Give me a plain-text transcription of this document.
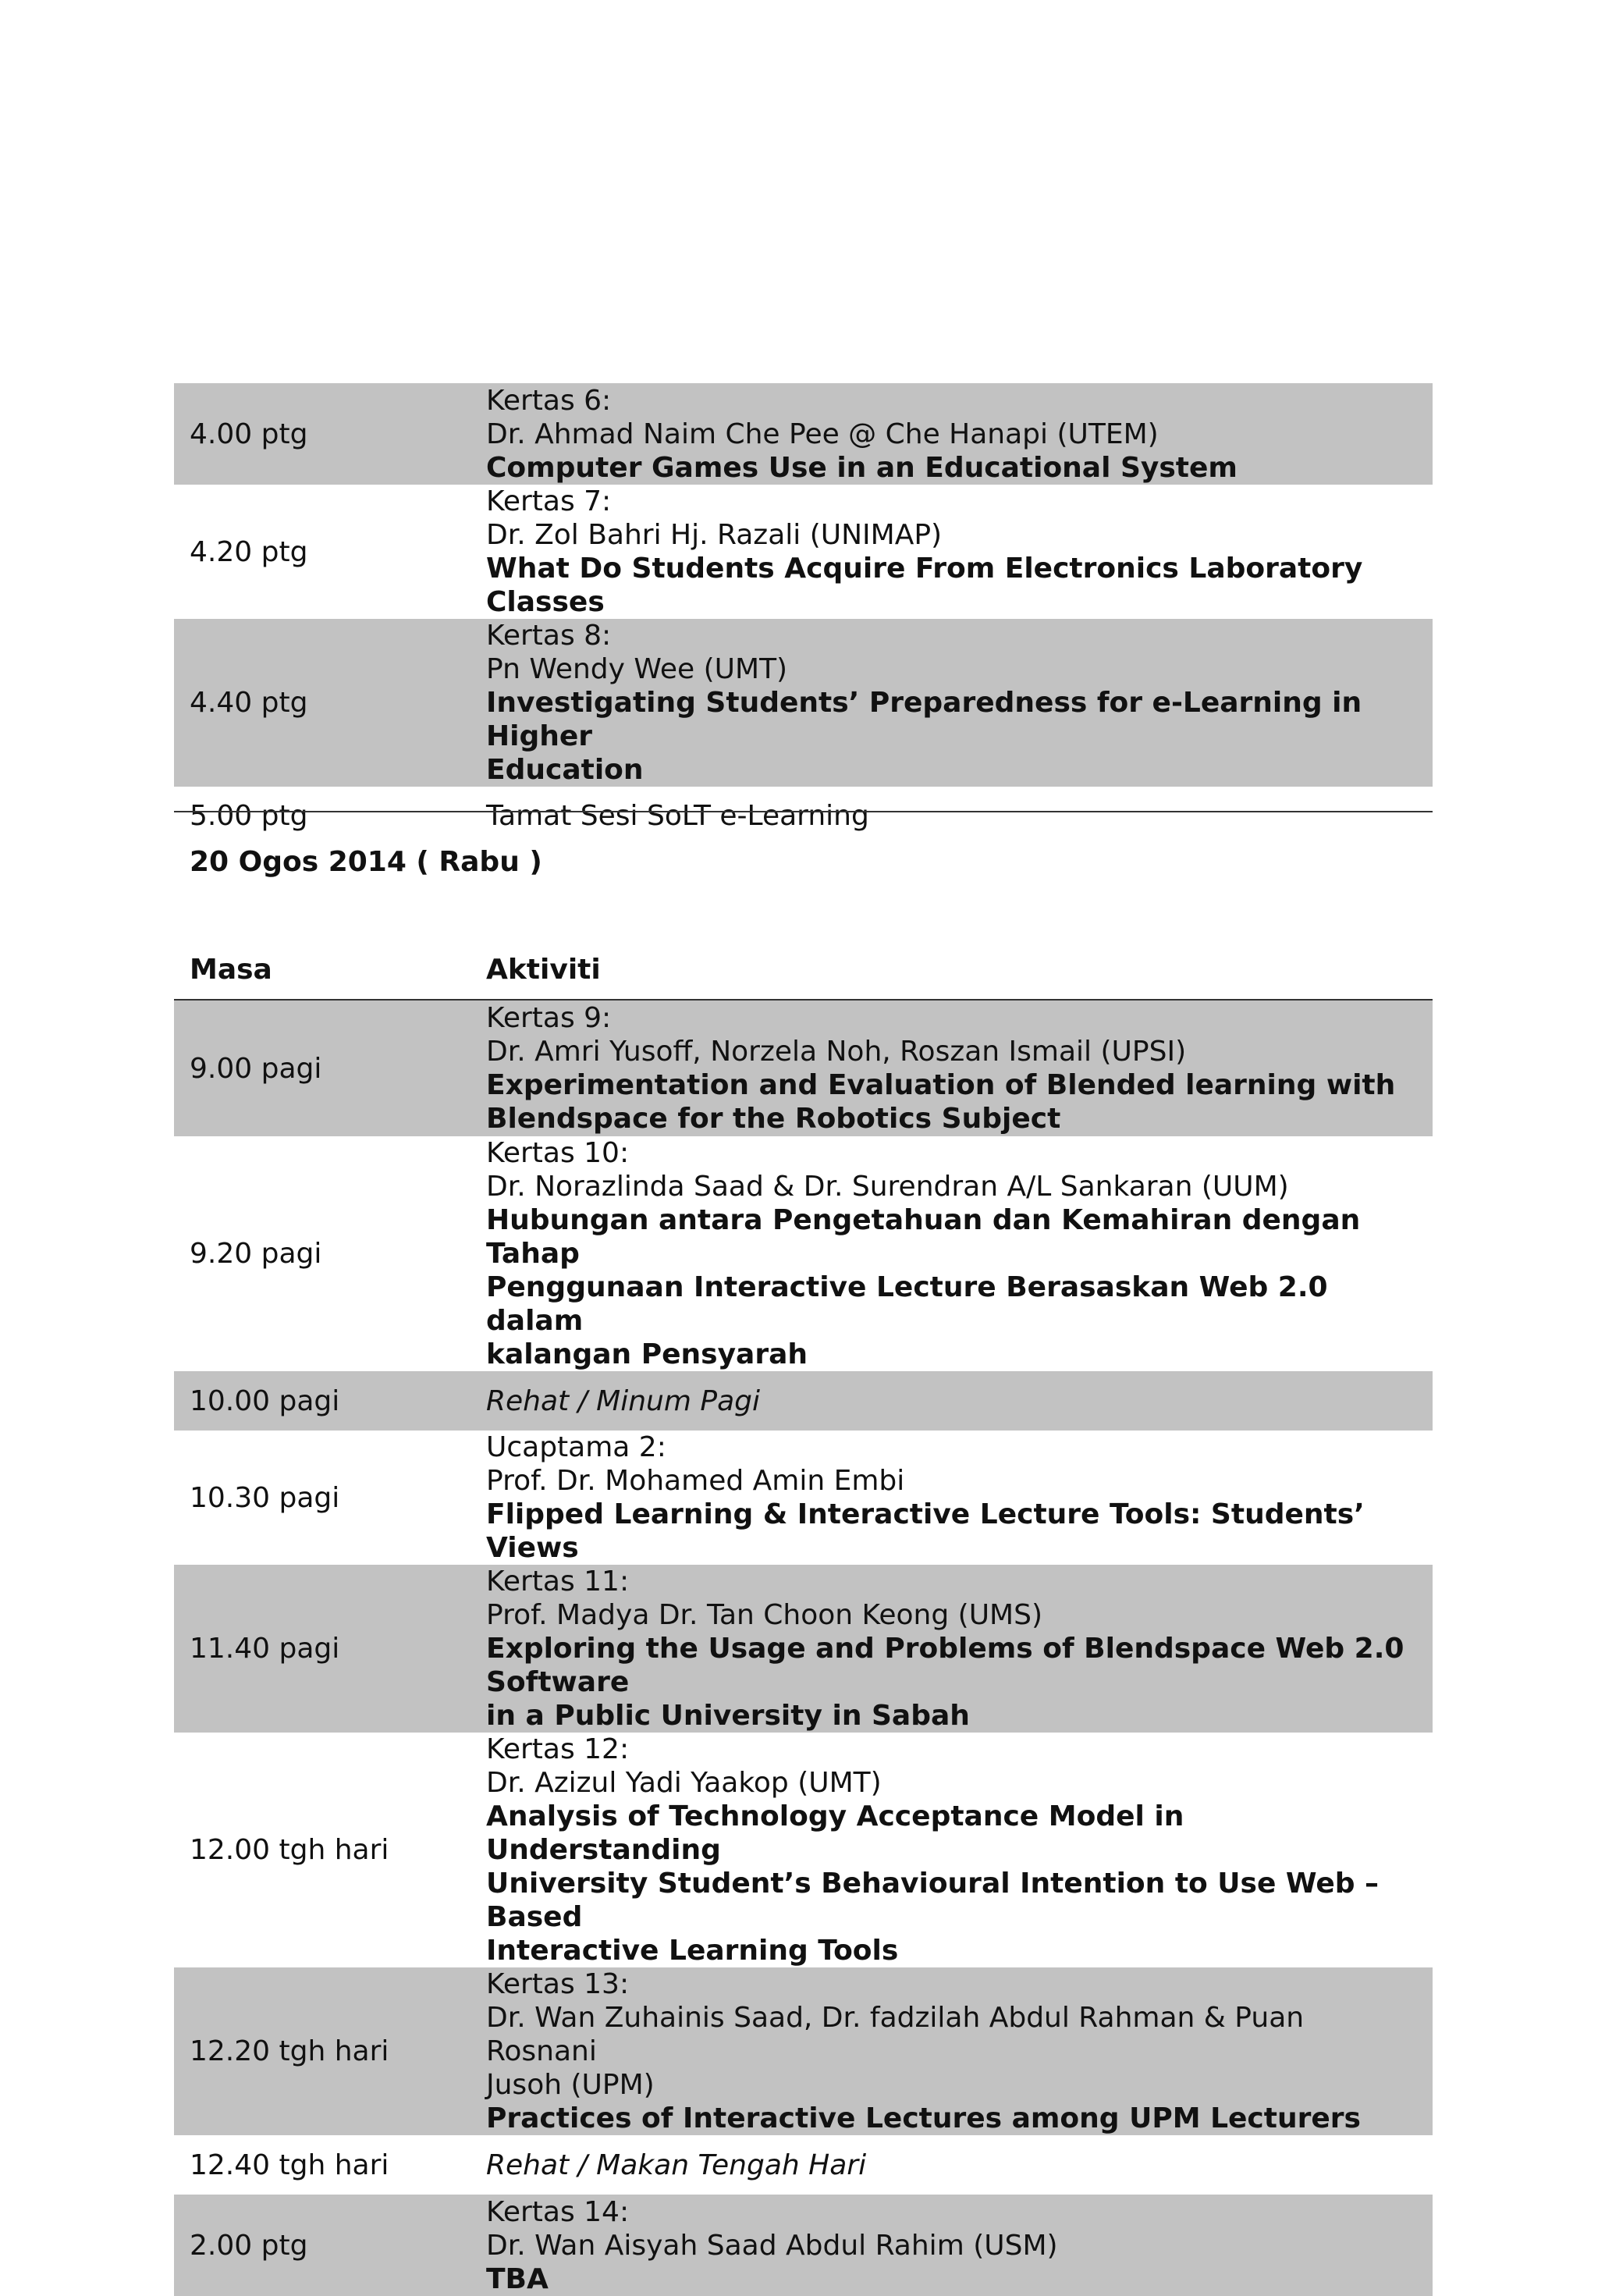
4.00 ptg	Kertas 6:
Dr. Ahmad Naim Che Pee @ Che Hanapi (UTEM)
Computer Games Use in an Educational System

4.20 ptg	Kertas 7:
Dr. Zol Bahri Hj. Razali (UNIMAP)
What Do Students Acquire From Electronics Laboratory Classes

4.40 ptg	Kertas 8:
Pn Wendy Wee (UMT)
Investigating Students’ Preparedness for e-Learning in Higher
Education

5.00 ptg	Tamat Sesi SoLT e-Learning
20 Ogos 2014 ( Rabu )
Masa	Aktiviti
9.00 pagi	Kertas 9:
Dr. Amri Yusoff, Norzela Noh, Roszan Ismail (UPSI)
Experimentation and Evaluation of Blended learning with
Blendspace for the Robotics Subject

9.20 pagi	Kertas 10:
Dr. Norazlinda Saad & Dr. Surendran A/L Sankaran (UUM)
Hubungan antara Pengetahuan dan Kemahiran dengan Tahap
Penggunaan Interactive Lecture Berasaskan Web 2.0 dalam
kalangan Pensyarah

10.00 pagi	Rehat / Minum Pagi
10.30 pagi	Ucaptama 2:
Prof. Dr. Mohamed Amin Embi
Flipped Learning & Interactive Lecture Tools: Students’ Views

11.40 pagi	Kertas 11:
Prof. Madya Dr. Tan Choon Keong (UMS)
Exploring the Usage and Problems of Blendspace Web 2.0 Software
in a Public University in Sabah

12.00 tgh hari	Kertas 12:
Dr. Azizul Yadi Yaakop (UMT)
Analysis of Technology Acceptance Model in Understanding
University Student’s Behavioural Intention to Use Web – Based
Interactive Learning Tools

12.20 tgh hari	Kertas 13:
Dr. Wan Zuhainis Saad, Dr. fadzilah Abdul Rahman & Puan Rosnani
Jusoh (UPM)
Practices of Interactive Lectures among UPM Lecturers

12.40 tgh hari	Rehat / Makan Tengah Hari
2.00 ptg	Kertas 14:
Dr. Wan Aisyah Saad Abdul Rahim (USM)
TBA
